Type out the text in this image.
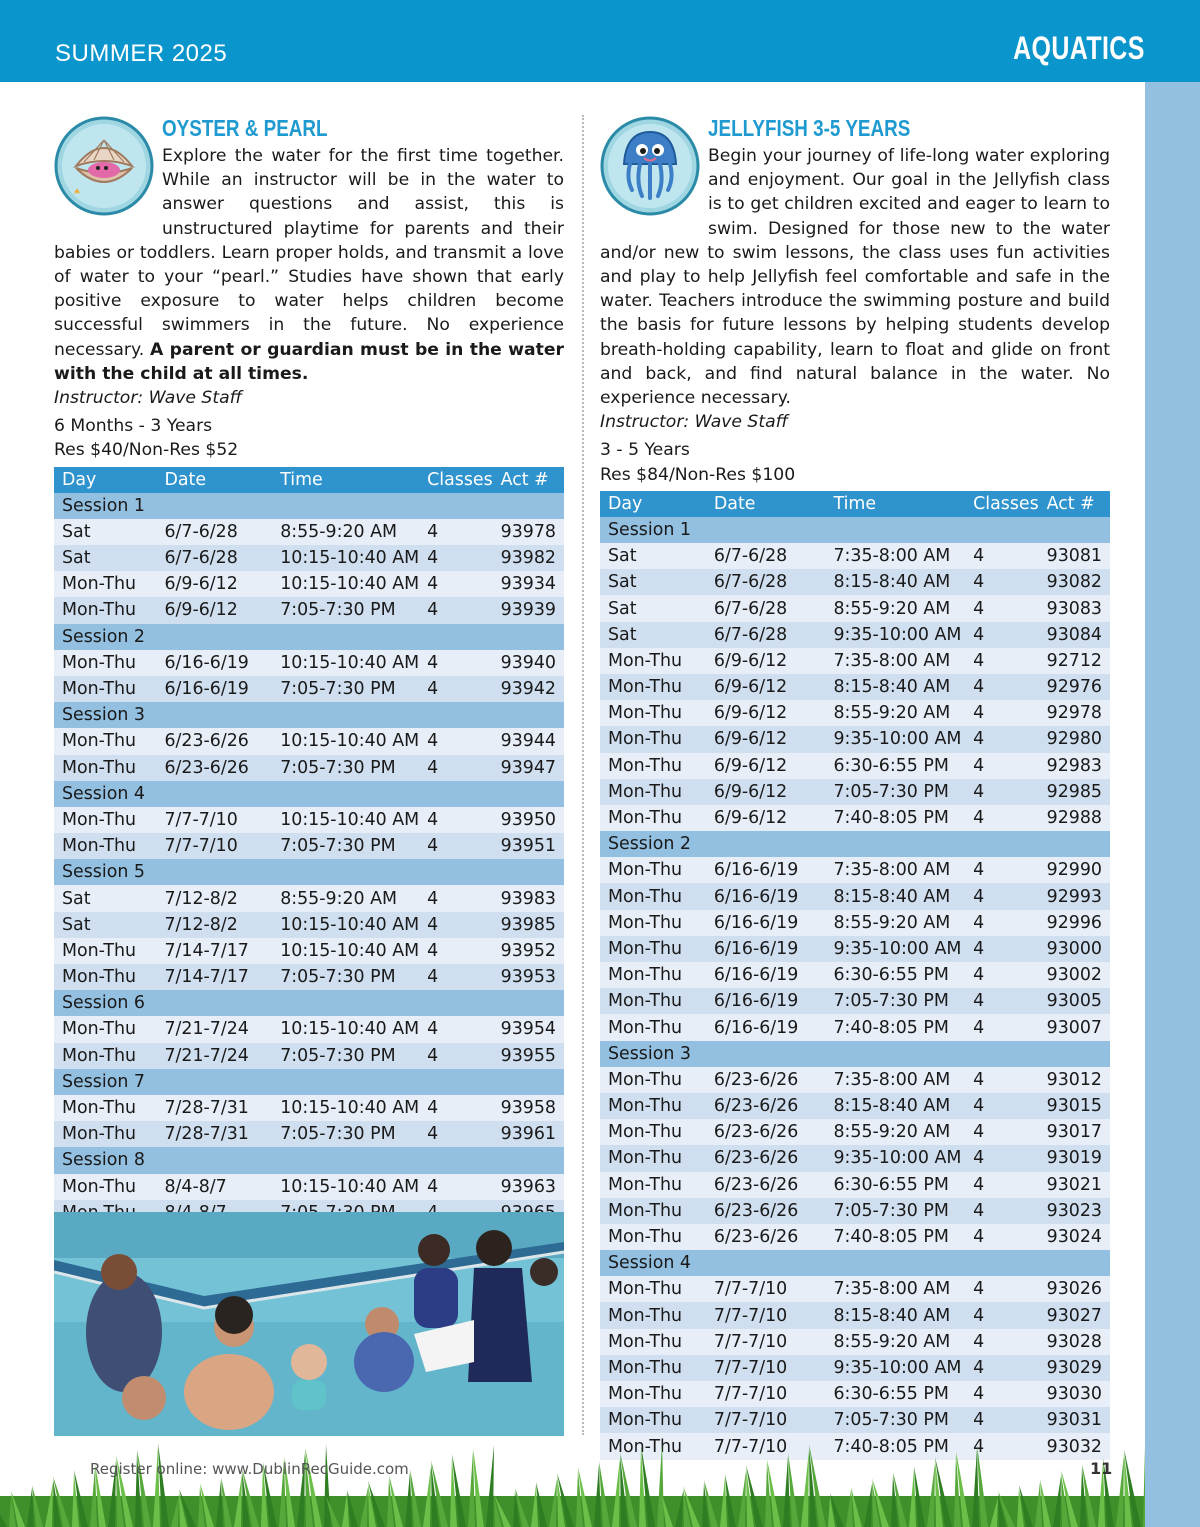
SUMMER 2025	AQUATICS
OYSTER & PEARL

Explore the water for the first time together. While an instructor will be in the water to answer questions and assist, this is unstructured playtime for parents and their babies or toddlers. Learn proper holds, and transmit a love of water to your “pearl.” Studies have shown that early positive exposure to water helps children become successful swimmers in the future. No experience necessary. A parent or guardian must be in the water with the child at all times.

Instructor: Wave Staff
6 Months - 3 Years
Res $40/Non-Res $52
Day	Date	Time	Classes	Act #
Session 1				
Sat	6/7-6/28	8:55-9:20 AM	4	93978
Sat	6/7-6/28	10:15-10:40 AM	4	93982
Mon-Thu	6/9-6/12	10:15-10:40 AM	4	93934
Mon-Thu	6/9-6/12	7:05-7:30 PM	4	93939
Session 2				
Mon-Thu	6/16-6/19	10:15-10:40 AM	4	93940
Mon-Thu	6/16-6/19	7:05-7:30 PM	4	93942
Session 3				
Mon-Thu	6/23-6/26	10:15-10:40 AM	4	93944
Mon-Thu	6/23-6/26	7:05-7:30 PM	4	93947
Session 4				
Mon-Thu	7/7-7/10	10:15-10:40 AM	4	93950
Mon-Thu	7/7-7/10	7:05-7:30 PM	4	93951
Session 5				
Sat	7/12-8/2	8:55-9:20 AM	4	93983
Sat	7/12-8/2	10:15-10:40 AM	4	93985
Mon-Thu	7/14-7/17	10:15-10:40 AM	4	93952
Mon-Thu	7/14-7/17	7:05-7:30 PM	4	93953
Session 6				
Mon-Thu	7/21-7/24	10:15-10:40 AM	4	93954
Mon-Thu	7/21-7/24	7:05-7:30 PM	4	93955
Session 7				
Mon-Thu	7/28-7/31	10:15-10:40 AM	4	93958
Mon-Thu	7/28-7/31	7:05-7:30 PM	4	93961
Session 8				
Mon-Thu	8/4-8/7	10:15-10:40 AM	4	93963

JELLYFISH 3-5 YEARS

Begin your journey of life-long water exploring and enjoyment. Our goal in the Jellyfish class is to get children excited and eager to learn to swim. Designed for those new to the water and/or new to swim lessons, the class uses fun activities and play to help Jellyfish feel comfortable and safe in the water. Teachers introduce the swimming posture and build the basis for future lessons by helping students develop breath-holding capability, learn to float and glide on front and back, and find natural balance in the water. No experience necessary.

Instructor: Wave Staff
3 - 5 Years
Res $84/Non-Res $100
Day	Date	Time	Classes	Act #
Session 1				
Sat	6/7-6/28	7:35-8:00 AM	4	93081
Sat	6/7-6/28	8:15-8:40 AM	4	93082
Sat	6/7-6/28	8:55-9:20 AM	4	93083
Sat	6/7-6/28	9:35-10:00 AM	4	93084
Mon-Thu	6/9-6/12	7:35-8:00 AM	4	92712
Mon-Thu	6/9-6/12	8:15-8:40 AM	4	92976
Mon-Thu	6/9-6/12	8:55-9:20 AM	4	92978
Mon-Thu	6/9-6/12	9:35-10:00 AM	4	92980
Mon-Thu	6/9-6/12	6:30-6:55 PM	4	92983
Mon-Thu	6/9-6/12	7:05-7:30 PM	4	92985
Mon-Thu	6/9-6/12	7:40-8:05 PM	4	92988
Session 2				
Mon-Thu	6/16-6/19	7:35-8:00 AM	4	92990
Mon-Thu	6/16-6/19	8:15-8:40 AM	4	92993
Mon-Thu	6/16-6/19	8:55-9:20 AM	4	92996
Mon-Thu	6/16-6/19	9:35-10:00 AM	4	93000
Mon-Thu	6/16-6/19	6:30-6:55 PM	4	93002
Mon-Thu	6/16-6/19	7:05-7:30 PM	4	93005
Mon-Thu	6/16-6/19	7:40-8:05 PM	4	93007
Session 3				
Mon-Thu	6/23-6/26	7:35-8:00 AM	4	93012
Mon-Thu	6/23-6/26	8:15-8:40 AM	4	93015
Mon-Thu	6/23-6/26	8:55-9:20 AM	4	93017
Mon-Thu	6/23-6/26	9:35-10:00 AM	4	93019
Mon-Thu	6/23-6/26	6:30-6:55 PM	4	93021
Mon-Thu	6/23-6/26	7:05-7:30 PM	4	93023
Mon-Thu	6/23-6/26	7:40-8:05 PM	4	93024
Session 4				
Mon-Thu	7/7-7/10	7:35-8:00 AM	4	93026
Mon-Thu	7/7-7/10	8:15-8:40 AM	4	93027
Mon-Thu	7/7-7/10	8:55-9:20 AM	4	93028
Mon-Thu	7/7-7/10	9:35-10:00 AM	4	93029
Mon-Thu	7/7-7/10	6:30-6:55 PM	4	93030
Mon-Thu	7/7-7/10	7:05-7:30 PM	4	93031
Mon-Thu	7/7-7/10	7:40-8:05 PM	4	93032
Register online: www.DublinRecGuide.com	11
